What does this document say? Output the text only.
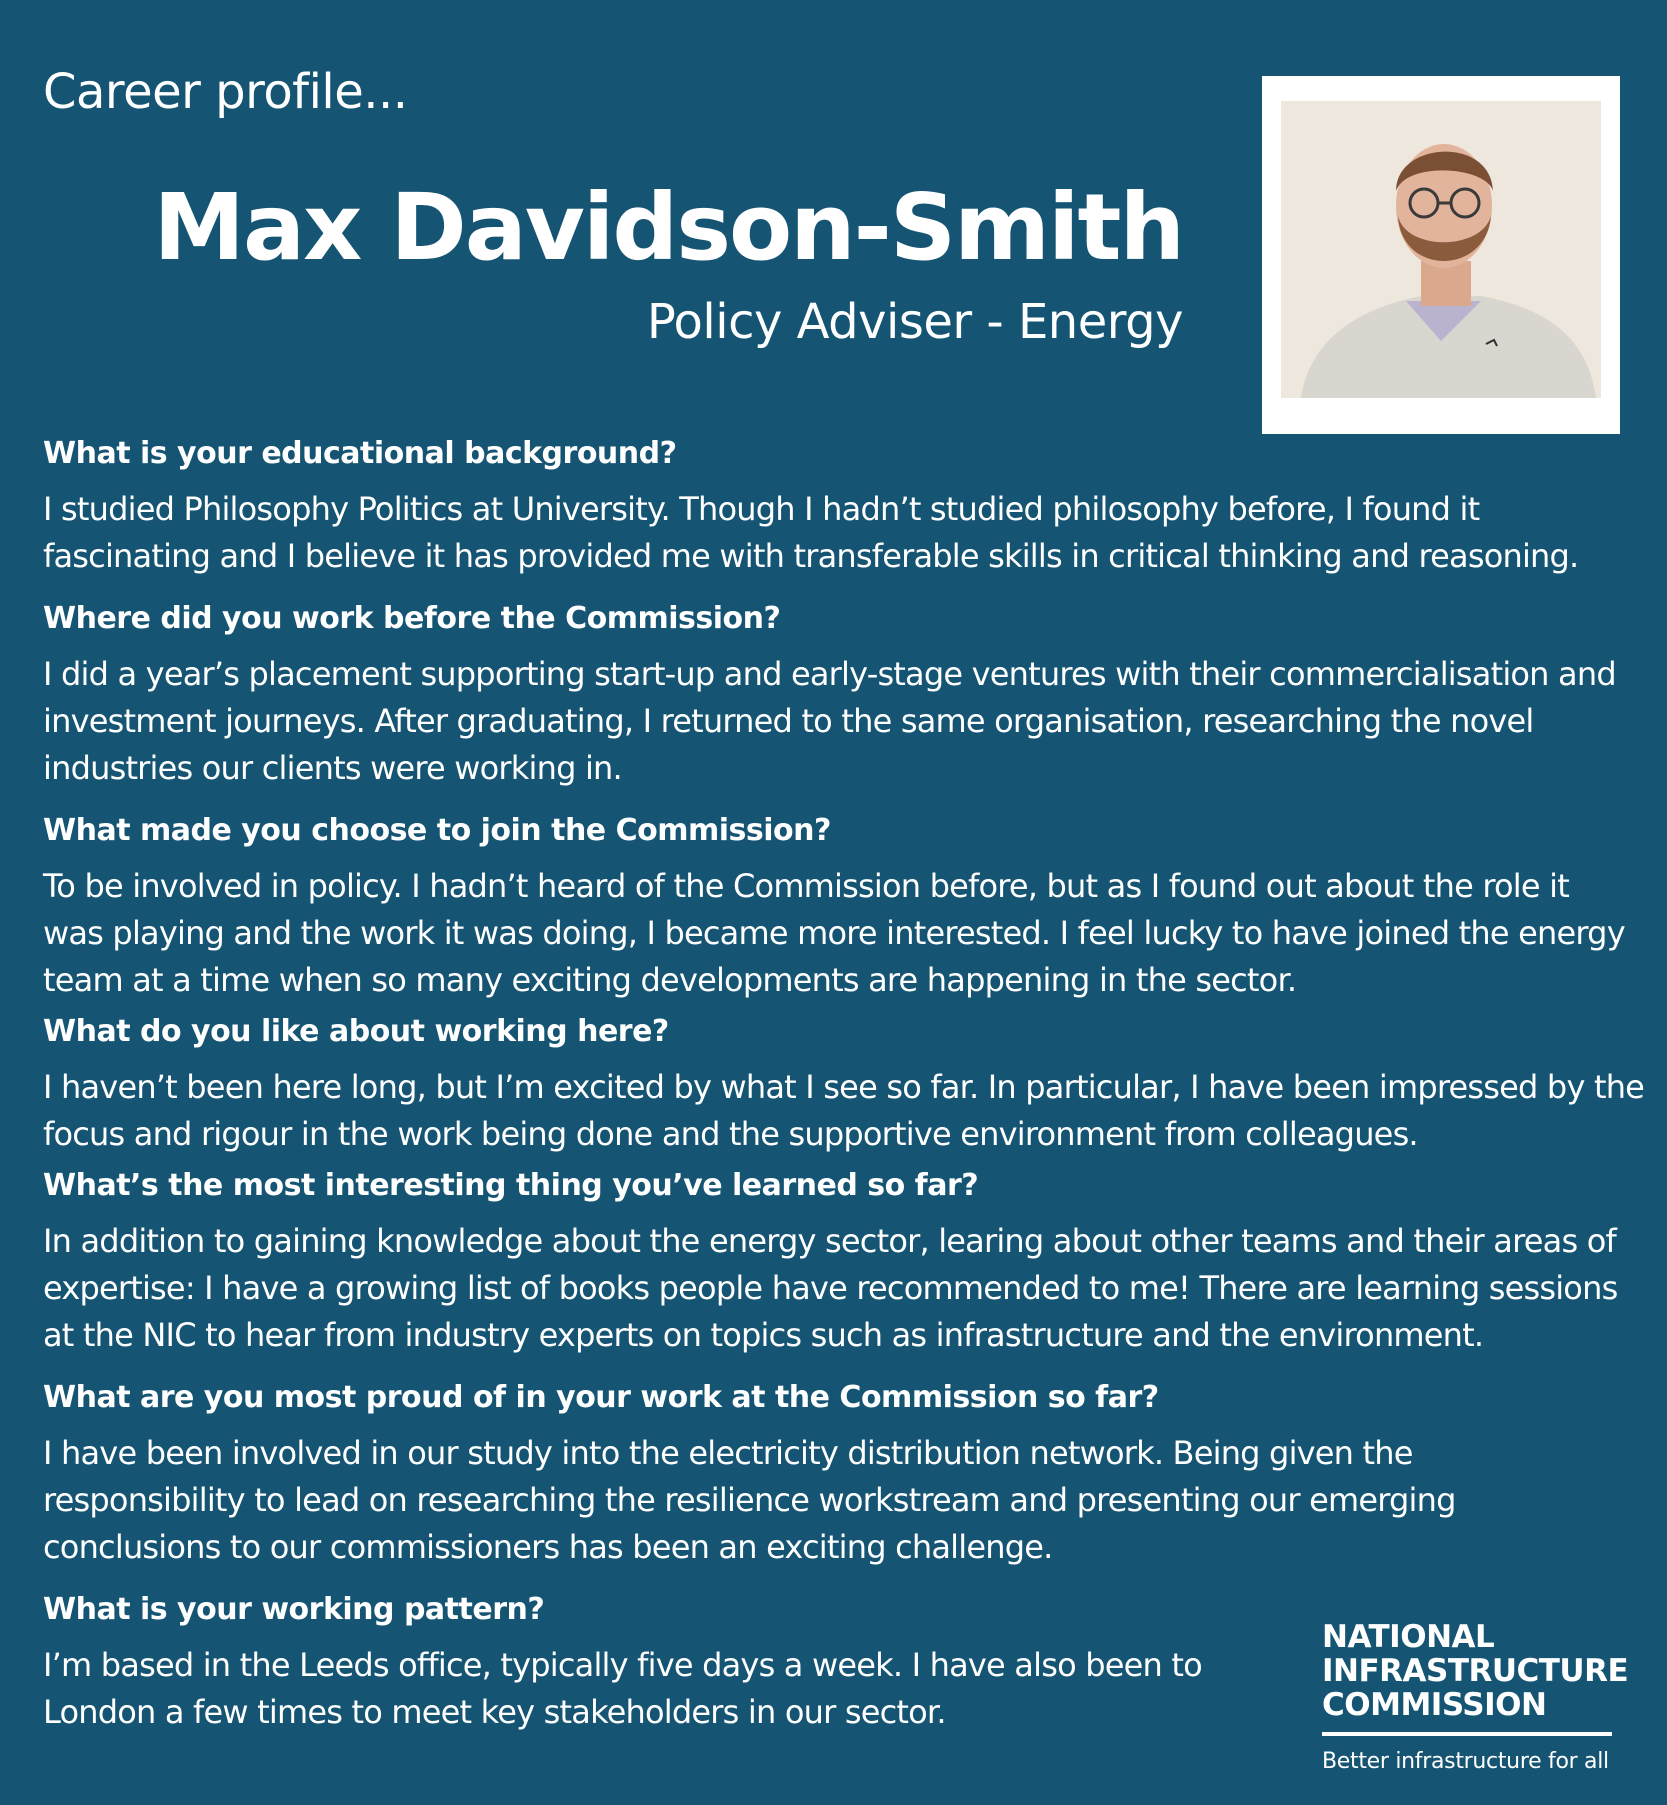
Career profile...
Max Davidson-Smith
Policy Adviser - Energy
What is your educational background?
I studied Philosophy Politics at University. Though I hadn’t studied philosophy before, I found it
fascinating and I believe it has provided me with transferable skills in critical thinking and reasoning.
Where did you work before the Commission?
I did a year’s placement supporting start-up and early-stage ventures with their commercialisation and
investment journeys. After graduating, I returned to the same organisation, researching the novel
industries our clients were working in.
What made you choose to join the Commission?
To be involved in policy. I hadn’t heard of the Commission before, but as I found out about the role it
was playing and the work it was doing, I became more interested. I feel lucky to have joined the energy
team at a time when so many exciting developments are happening in the sector.
What do you like about working here?
I haven’t been here long, but I’m excited by what I see so far. In particular, I have been impressed by the
focus and rigour in the work being done and the supportive environment from colleagues.
What’s the most interesting thing you’ve learned so far?
In addition to gaining knowledge about the energy sector, learing about other teams and their areas of
expertise: I have a growing list of books people have recommended to me! There are learning sessions
at the NIC to hear from industry experts on topics such as infrastructure and the environment.
What are you most proud of in your work at the Commission so far?
I have been involved in our study into the electricity distribution network. Being given the
responsibility to lead on researching the resilience workstream and presenting our emerging
conclusions to our commissioners has been an exciting challenge.
What is your working pattern?
I’m based in the Leeds office, typically five days a week. I have also been to
London a few times to meet key stakeholders in our sector.
NATIONAL
INFRASTRUCTURE
COMMISSION
Better infrastructure for all
